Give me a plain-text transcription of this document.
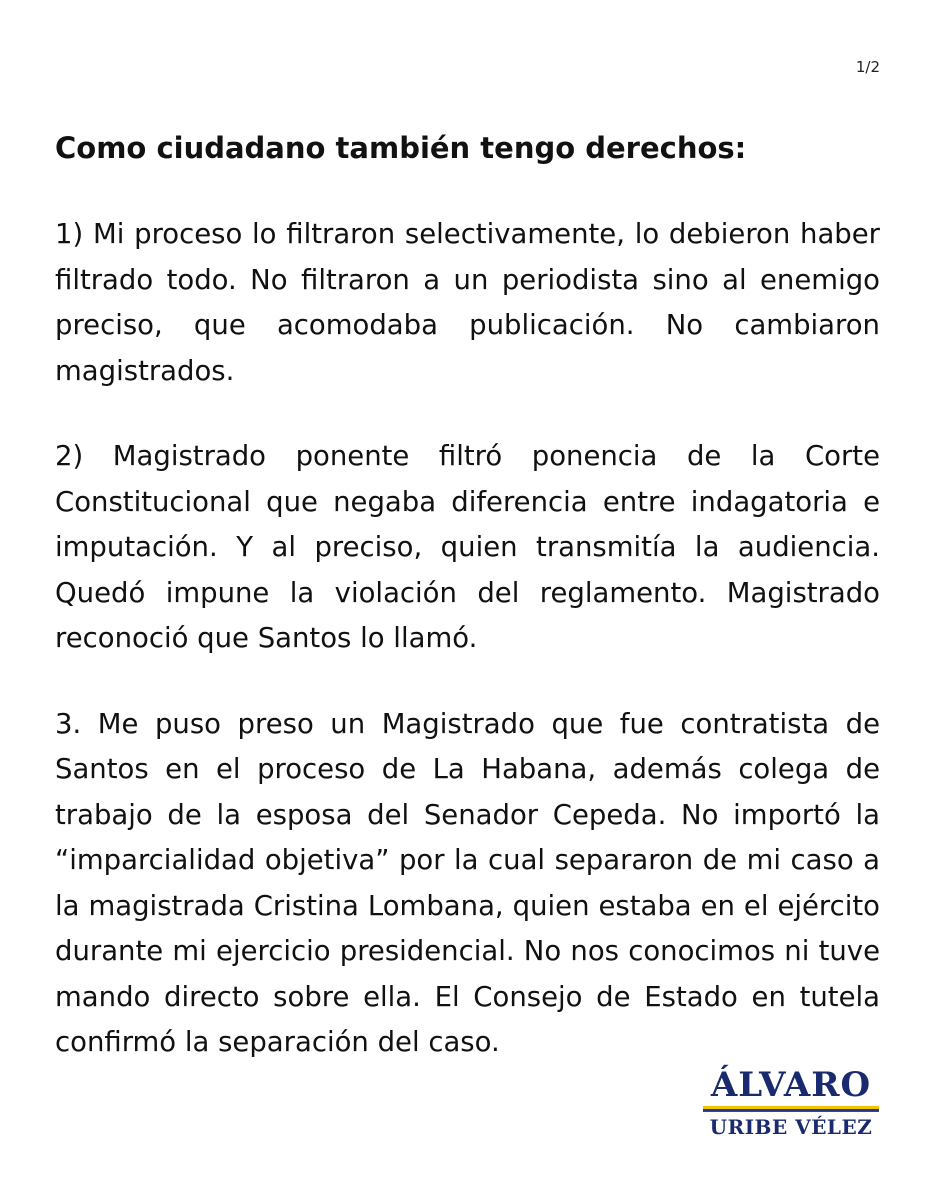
1/2
Como ciudadano también tengo derechos:

1) Mi proceso lo filtraron selectivamente, lo debieron haber filtrado todo. No filtraron a un periodista sino al enemigo preciso, que acomodaba publicación. No cambiaron magistrados.

2) Magistrado ponente filtró ponencia de la Corte Constitucional que negaba diferencia entre indagatoria e imputación. Y al preciso, quien transmitía la audiencia. Quedó impune la violación del reglamento. Magistrado reconoció que Santos lo llamó.

3. Me puso preso un Magistrado que fue contratista de Santos en el proceso de La Habana, además colega de trabajo de la esposa del Senador Cepeda. No importó la “imparcialidad objetiva” por la cual separaron de mi caso a la magistrada Cristina Lombana, quien estaba en el ejército durante mi ejercicio presidencial. No nos conocimos ni tuve mando directo sobre ella. El Consejo de Estado en tutela confirmó la separación del caso.

ÁLVARO
URIBE VÉLEZ
